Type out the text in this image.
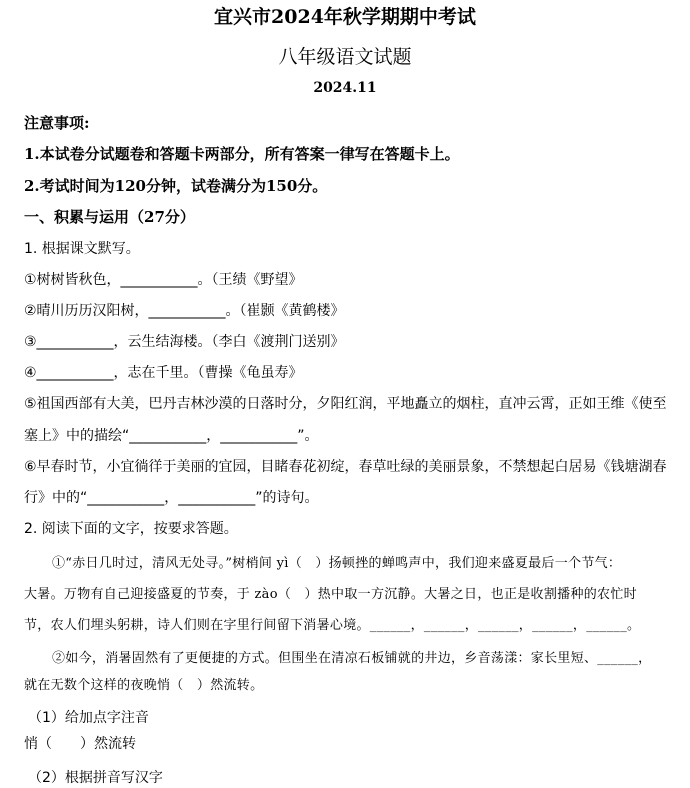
宜兴市2024年秋学期期中考试
八年级语文试题
2024.11
注意事项:
1.本试卷分试题卷和答题卡两部分，所有答案一律写在答题卡上。
2.考试时间为120分钟，试卷满分为150分。
一、积累与运用（27分）
1. 根据课文默写。
①树树皆秋色，___________。（王绩《野望》
②晴川历历汉阳树，___________。（崔颢《黄鹤楼》
③___________，云生结海楼。（李白《渡荆门送别》
④___________，志在千里。（曹操《龟虽寿》
⑤祖国西部有大美，巴丹吉林沙漠的日落时分，夕阳红润，平地矗立的烟柱，直冲云霄，正如王维《使至
塞上》中的描绘“___________，___________”。
⑥早春时节，小宜徜徉于美丽的宜园，目睹春花初绽，春草吐绿的美丽景象，不禁想起白居易《钱塘湖春
行》中的“___________，___________”的诗句。
2. 阅读下面的文字，按要求答题。
①“赤日几时过，清风无处寻。”树梢间 yì（　）扬顿挫的蝉鸣声中，我们迎来盛夏最后一个节气：
大暑。万物有自己迎接盛夏的节奏，于 zào（　）热中取一方沉静。大暑之日，也正是收割播种的农忙时
节，农人们埋头躬耕，诗人们则在字里行间留下消暑心境。______，______，______，______，______。
②如今，消暑固然有了更便捷的方式。但围坐在清凉石板铺就的井边，乡音荡漾：家长里短、______，
就在无数个这样的夜晚悄（　）然流转。
（1）给加点字注音
悄（　　）然流转
（2）根据拼音写汉字
